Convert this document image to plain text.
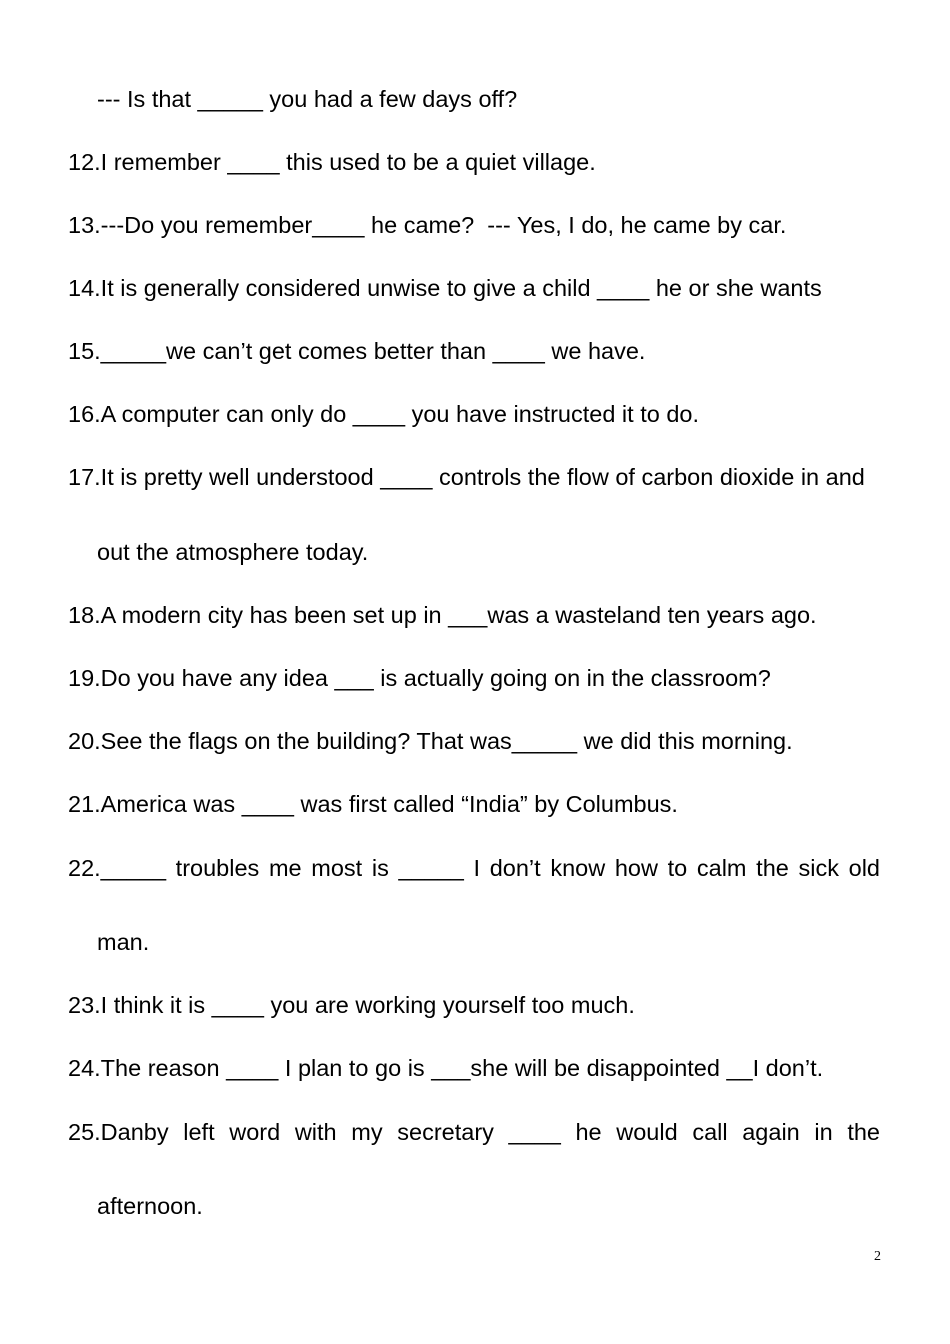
--- Is that _____ you had a few days off?
12.I remember ____ this used to be a quiet village.
13.---Do you remember____ he came?  --- Yes, I do, he came by car.
14.It is generally considered unwise to give a child ____ he or she wants
15._____we can’t get comes better than ____ we have.
16.A computer can only do ____ you have instructed it to do.
17.It is pretty well understood ____ controls the flow of carbon dioxide in and
out the atmosphere today.
18.A modern city has been set up in ___was a wasteland ten years ago.
19.Do you have any idea ___ is actually going on in the classroom?
20.See the flags on the building? That was_____ we did this morning.
21.America was ____ was first called “India” by Columbus.
22._____ troubles me most is _____ I don’t know how to calm the sick old
man.
23.I think it is ____ you are working yourself too much.
24.The reason ____ I plan to go is ___she will be disappointed __I don’t.
25.Danby left word with my secretary ____ he would call again in the
afternoon.
2
